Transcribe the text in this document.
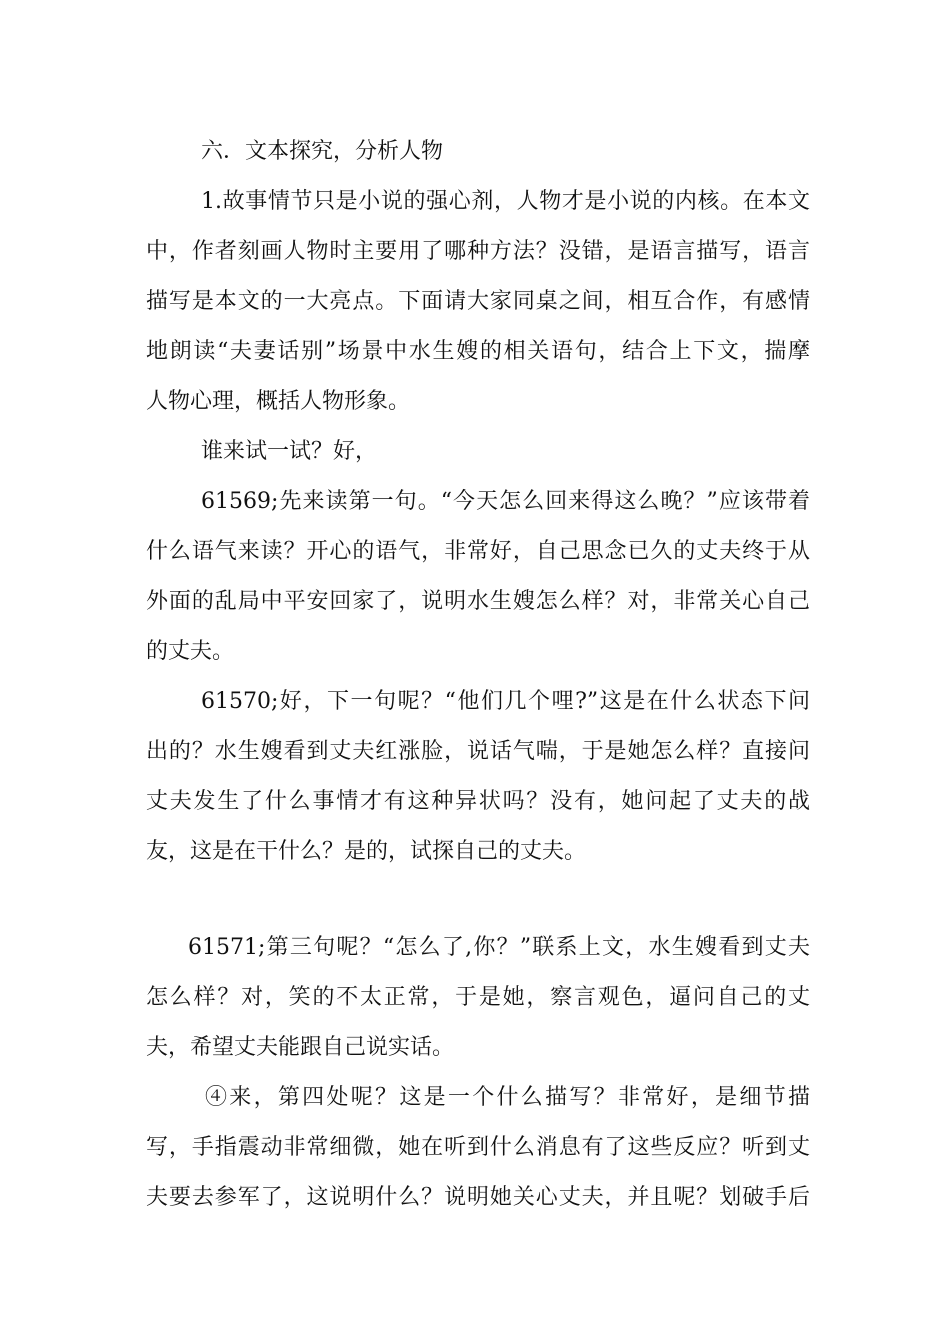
六．文本探究，分析人物
1.故事情节只是小说的强心剂，人物才是小说的内核。在本文
中，作者刻画人物时主要用了哪种方法？没错，是语言描写，语言
描写是本文的一大亮点。下面请大家同桌之间，相互合作，有感情
地朗读“夫妻话别”场景中水生嫂的相关语句，结合上下文，揣摩
人物心理，概括人物形象。
谁来试一试？好，
61569;先来读第一句。“今天怎么回来得这么晚？”应该带着
什么语气来读？开心的语气，非常好，自己思念已久的丈夫终于从
外面的乱局中平安回家了，说明水生嫂怎么样？对，非常关心自己
的丈夫。
61570;好，下一句呢？“他们几个哩?”这是在什么状态下问
出的？水生嫂看到丈夫红涨脸，说话气喘，于是她怎么样？直接问
丈夫发生了什么事情才有这种异状吗？没有，她问起了丈夫的战
友，这是在干什么？是的，试探自己的丈夫。
61571;第三句呢？“怎么了,你？”联系上文，水生嫂看到丈夫
怎么样？对，笑的不太正常，于是她，察言观色，逼问自己的丈
夫，希望丈夫能跟自己说实话。
④来，第四处呢？这是一个什么描写？非常好，是细节描
写，手指震动非常细微，她在听到什么消息有了这些反应？听到丈
夫要去参军了，这说明什么？说明她关心丈夫，并且呢？划破手后
